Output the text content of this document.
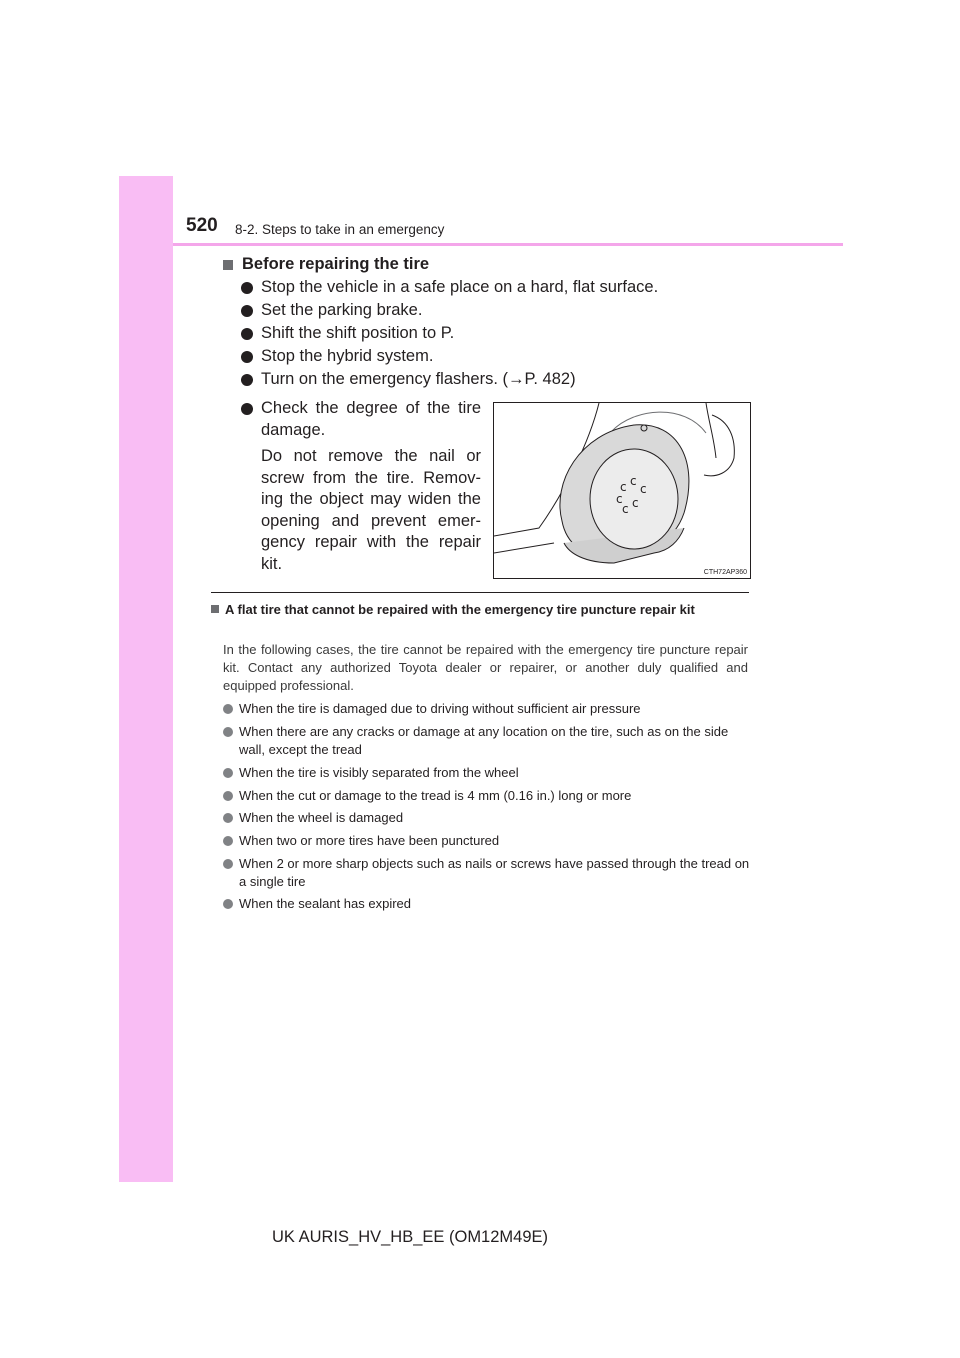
520 8-2. Steps to take in an emergency
Before repairing the tire
Stop the vehicle in a safe place on a hard, flat surface.
Set the parking brake.
Shift the shift position to P.
Stop the hybrid system.
Turn on the emergency flashers. (→P. 482)
Check the degree of the tire damage.
Do not remove the nail or screw from the tire. Remov-ing the object may widen the opening and prevent emer-gency repair with the repair kit.
c c
c
c c
c
CTH72AP360
A flat tire that cannot be repaired with the emergency tire puncture repair kit
In the following cases, the tire cannot be repaired with the emergency tire puncture repair kit. Contact any authorized Toyota dealer or repairer, or another duly qualified and equipped professional.
When the tire is damaged due to driving without sufficient air pressure
When there are any cracks or damage at any location on the tire, such as on the side wall, except the tread
When the tire is visibly separated from the wheel
When the cut or damage to the tread is 4 mm (0.16 in.) long or more
When the wheel is damaged
When two or more tires have been punctured
When 2 or more sharp objects such as nails or screws have passed through the tread on a single tire
When the sealant has expired
UK AURIS_HV_HB_EE (OM12M49E)
